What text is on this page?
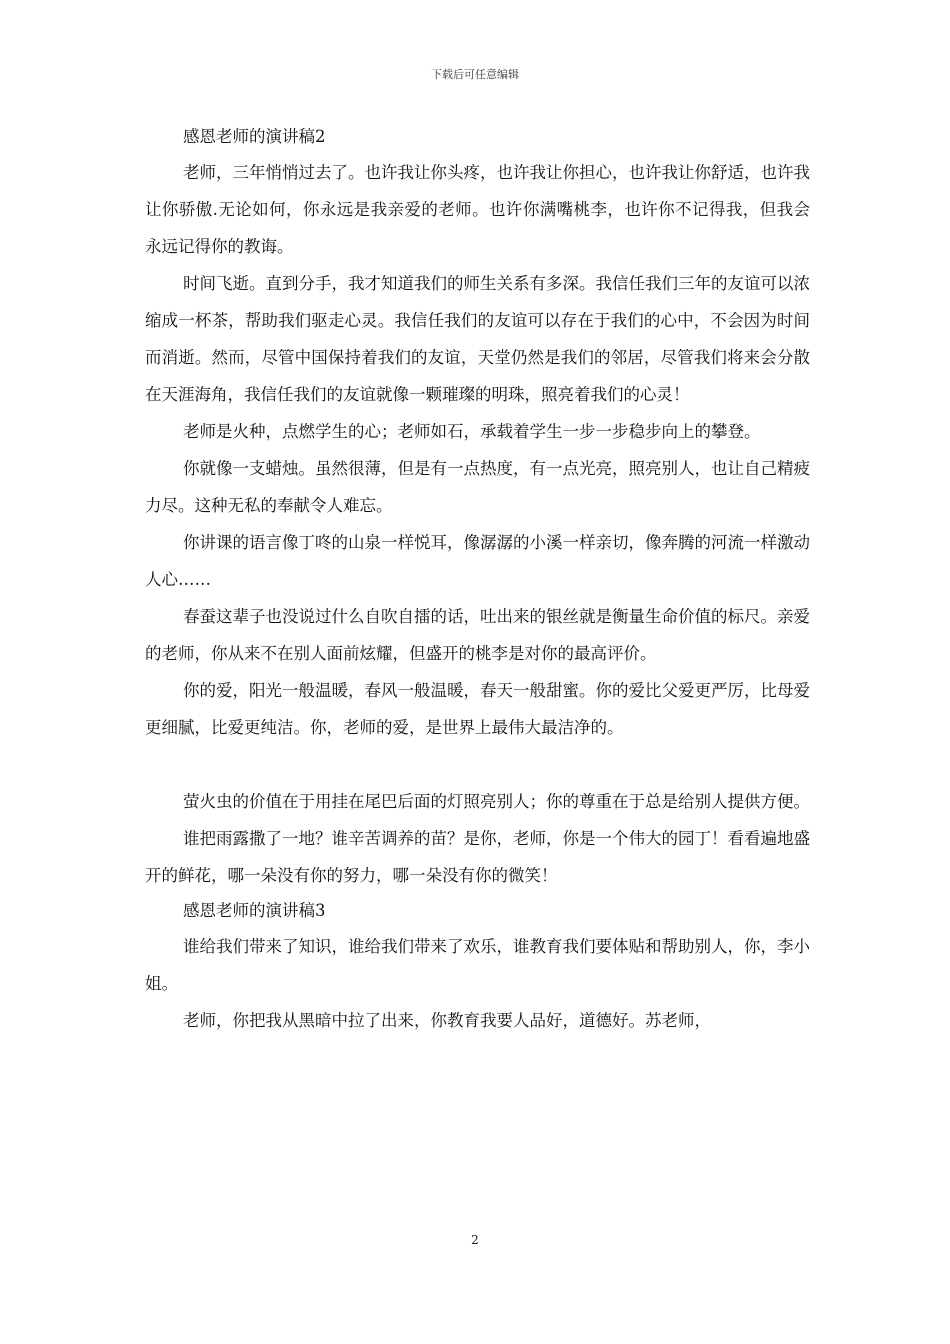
下载后可任意编辑

感恩老师的演讲稿2

老师，三年悄悄过去了。也许我让你头疼，也许我让你担心，也许我让你舒适，也许我让你骄傲.无论如何，你永远是我亲爱的老师。也许你满嘴桃李，也许你不记得我，但我会永远记得你的教诲。

时间飞逝。直到分手，我才知道我们的师生关系有多深。我信任我们三年的友谊可以浓缩成一杯茶，帮助我们驱走心灵。我信任我们的友谊可以存在于我们的心中，不会因为时间而消逝。然而，尽管中国保持着我们的友谊，天堂仍然是我们的邻居，尽管我们将来会分散在天涯海角，我信任我们的友谊就像一颗璀璨的明珠，照亮着我们的心灵！

老师是火种，点燃学生的心；老师如石，承载着学生一步一步稳步向上的攀登。

你就像一支蜡烛。虽然很薄，但是有一点热度，有一点光亮，照亮别人，也让自己精疲力尽。这种无私的奉献令人难忘。

你讲课的语言像丁咚的山泉一样悦耳，像潺潺的小溪一样亲切，像奔腾的河流一样激动人心……

春蚕这辈子也没说过什么自吹自擂的话，吐出来的银丝就是衡量生命价值的标尺。亲爱的老师，你从来不在别人面前炫耀，但盛开的桃李是对你的最高评价。

你的爱，阳光一般温暖，春风一般温暖，春天一般甜蜜。你的爱比父爱更严厉，比母爱更细腻，比爱更纯洁。你，老师的爱，是世界上最伟大最洁净的。

萤火虫的价值在于用挂在尾巴后面的灯照亮别人；你的尊重在于总是给别人提供方便。

谁把雨露撒了一地？谁辛苦调养的苗？是你，老师，你是一个伟大的园丁！看看遍地盛开的鲜花，哪一朵没有你的努力，哪一朵没有你的微笑！

感恩老师的演讲稿3

谁给我们带来了知识，谁给我们带来了欢乐，谁教育我们要体贴和帮助别人，你，李小姐。

老师，你把我从黑暗中拉了出来，你教育我要人品好，道德好。苏老师，

2
